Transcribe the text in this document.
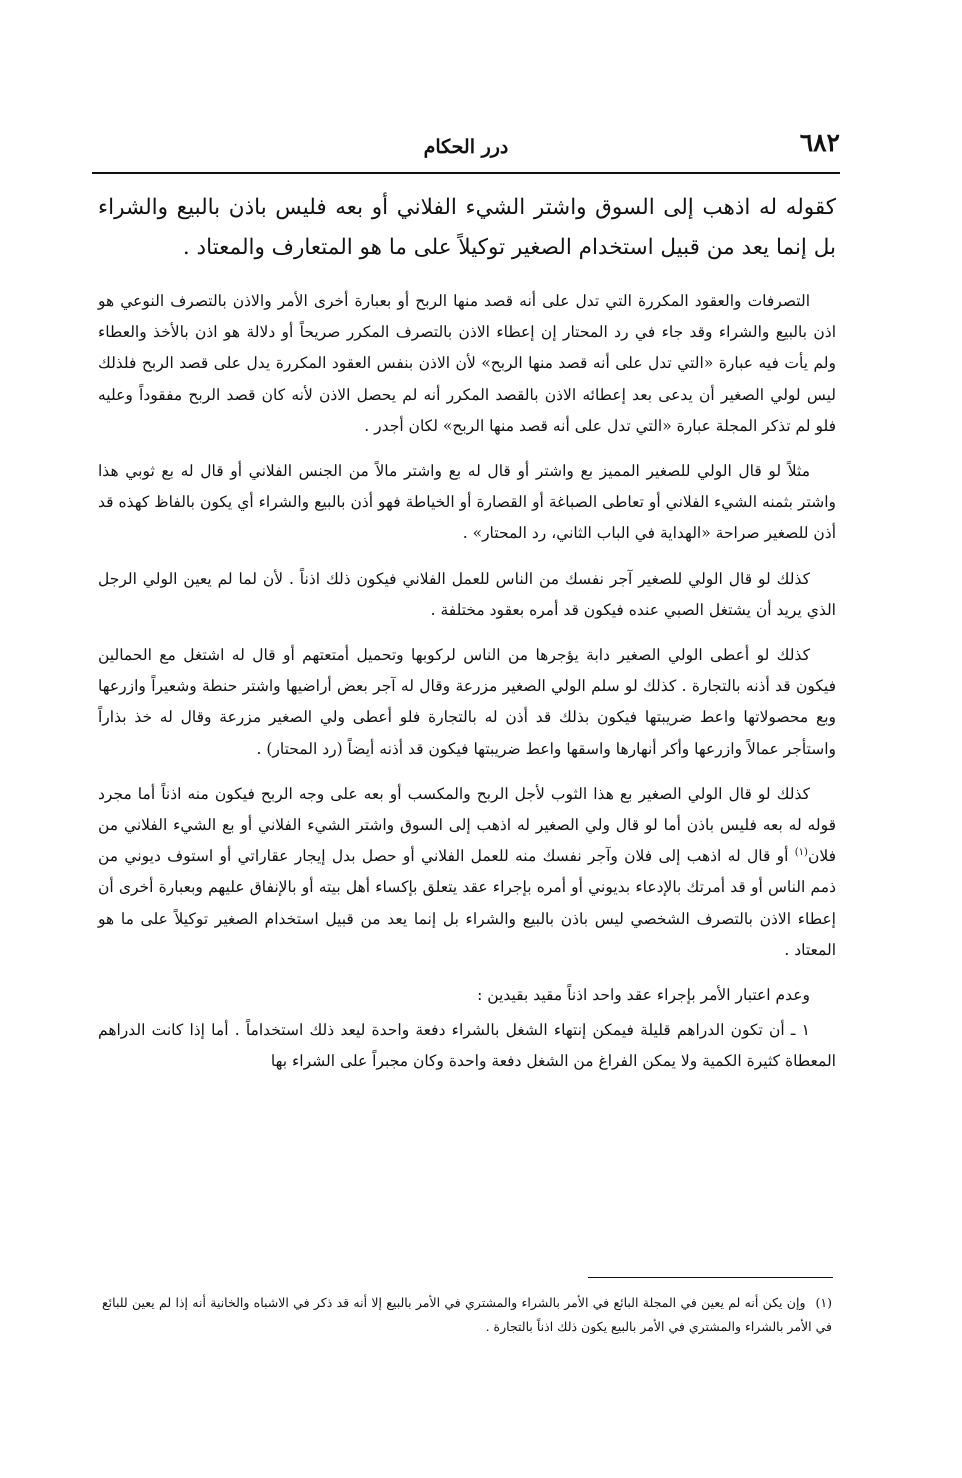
٦٨٢
درر الحكام

كقوله له اذهب إلى السوق واشتر الشيء الفلاني أو بعه فليس باذن بالبيع والشراء بل إنما يعد من قبيل استخدام الصغير توكيلاً على ما هو المتعارف والمعتاد .

التصرفات والعقود المكررة التي تدل على أنه قصد منها الربح أو بعبارة أخرى الأمر والاذن بالتصرف النوعي هو اذن بالبيع والشراء وقد جاء في رد المحتار إن إعطاء الاذن بالتصرف المكرر صريحاً أو دلالة هو اذن بالأخذ والعطاء ولم يأت فيه عبارة «التي تدل على أنه قصد منها الربح» لأن الاذن بنفس العقود المكررة يدل على قصد الربح فلذلك ليس لولي الصغير أن يدعى بعد إعطائه الاذن بالقصد المكرر أنه لم يحصل الاذن لأنه كان قصد الربح مفقوداً وعليه فلو لم تذكر المجلة عبارة «التي تدل على أنه قصد منها الربح» لكان أجدر .

مثلاً لو قال الولي للصغير المميز بع واشتر أو قال له بع واشتر مالاً من الجنس الفلاني أو قال له بع ثوبي هذا واشتر بثمنه الشيء الفلاني أو تعاطى الصباغة أو القصارة أو الخياطة فهو أذن بالبيع والشراء أي يكون بالفاظ كهذه قد أذن للصغير صراحة «الهداية في الباب الثاني، رد المحتار» .

كذلك لو قال الولي للصغير آجر نفسك من الناس للعمل الفلاني فيكون ذلك اذناً . لأن لما لم يعين الولي الرجل الذي يريد أن يشتغل الصبي عنده فيكون قد أمره بعقود مختلفة .

كذلك لو أعطى الولي الصغير دابة يؤجرها من الناس لركوبها وتحميل أمتعتهم أو قال له اشتغل مع الحمالين فيكون قد أذنه بالتجارة . كذلك لو سلم الولي الصغير مزرعة وقال له آجر بعض أراضيها واشتر حنطة وشعيراً وازرعها وبع محصولاتها واعط ضريبتها فيكون بذلك قد أذن له بالتجارة فلو أعطى ولي الصغير مزرعة وقال له خذ بذاراً واستأجر عمالاً وازرعها وأكر أنهارها واسقها واعط ضريبتها فيكون قد أذنه أيضاً (رد المحتار) .

كذلك لو قال الولي الصغير بع هذا الثوب لأجل الربح والمكسب أو بعه على وجه الربح فيكون منه اذناً أما مجرد قوله له بعه فليس باذن أما لو قال ولي الصغير له اذهب إلى السوق واشتر الشيء الفلاني أو بع الشيء الفلاني من فلان$^{(١)}$ أو قال له اذهب إلى فلان وآجر نفسك منه للعمل الفلاني أو حصل بدل إيجار عقاراتي أو استوف ديوني من ذمم الناس أو قد أمرتك بالإدعاء بديوني أو أمره بإجراء عقد يتعلق بإكساء أهل بيته أو بالإنفاق عليهم وبعبارة أخرى أن إعطاء الاذن بالتصرف الشخصي ليس باذن بالبيع والشراء بل إنما يعد من قبيل استخدام الصغير توكيلاً على ما هو المعتاد .

وعدم اعتبار الأمر بإجراء عقد واحد اذناً مقيد بقيدين :

١ ـ أن تكون الدراهم قليلة فيمكن إنتهاء الشغل بالشراء دفعة واحدة ليعد ذلك استخداماً . أما إذا كانت الدراهم المعطاة كثيرة الكمية ولا يمكن الفراغ من الشغل دفعة واحدة وكان مجبراً على الشراء بها

(١)وإن يكن أنه لم يعين في المجلة البائع في الأمر بالشراء والمشتري في الأمر بالبيع إلا أنه قد ذكر في الاشباه والخانية أنه إذا لم يعين للبائع في الأمر بالشراء والمشتري في الأمر بالبيع يكون ذلك اذناً بالتجارة .
